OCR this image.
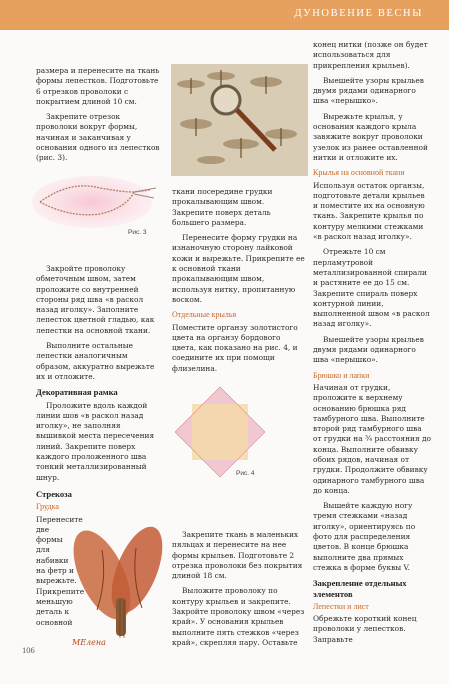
ДУНОВЕНИЕ ВЕСНЫ

размера и перенесите на ткань формы лепестков. Подготовьте 6 отрезков проволоки с покрытием длиной 10 см.

Закрепите отрезок проволоки вокруг формы, начиная и заканчивая у основания одного из лепестков (рис. 3).

Рис. 3

Закройте проволоку обметочным швом, затем проложите со внутренней стороны ряд шва «в раскол назад иголку». Заполните лепесток цветной гладью, как лепестки на основной ткани.

Выполните остальные лепестки аналогичным образом, аккуратно вырежьте их и отложите.

Декоративная рамка

Проложите вдоль каждой линии шов «в раскол назад иголку», не заполняя вышивкой места пересечения линий. Закрепите поверх каждого проложенного шва тонкий металлизированный шнур.

Стрекоза
Грудка

Перенесите две формы для набивки на фетр и вырежьте. Прикрепите меньшую деталь к основной

106
МЕлена

ткани посередине грудки прокалывающим швом. Закрепите поверх деталь большего размера.

Перенесите форму грудки на изнаночную сторону лайковой кожи и вырежьте. Прикрепите ее к основной ткани прокалывающим швом, используя нитку, пропитанную воском.

Отдельные крылья

Поместите органзу золотистого цвета на органзу бордового цвета, как показано на рис. 4, и соедините их при помощи флизелина.

Рис. 4

Закрепите ткань в маленьких пяльцах и перенесите на нее формы крыльев. Подготовьте 2 отрезка проволоки без покрытия длиной 18 см.

Выложите проволоку по контуру крыльев и закрепите. Закройте проволоку швом «через край». У основания крыльев выполните пять стежков «через край», скрепляя пару. Оставьте

конец нитки (позже он будет использоваться для прикрепления крыльев).

Выешейте узоры крыльев двумя рядами одинарного шва «перышко».

Вырежьте крылья, у основания каждого крыла завяжите вокруг проволоки узелок из ранее оставленной нитки и отложите их.

Крылья на основной ткани

Используя остаток органзы, подготовьте детали крыльев и поместите их на основную ткань. Закрепите крылья по контуру мелкими стежками «в раскол назад иголку».

Отрежьте 10 см перламутровой металлизированной спирали и растяните ее до 15 см. Закрепите спираль поверх контурной линии, выполненной швом «в раскол назад иголку».

Выешейте узоры крыльев двумя рядами одинарного шва «перышко».

Брюшко и лапки

Начиная от грудки, проложите к верхнему основанию брюшка ряд тамбурного шва. Выполните второй ряд тамбурного шва от грудки на ¾ расстояния до конца. Выполните обвивку обоих рядов, начиная от грудки. Продолжите обвивку одинарного тамбурного шва до конца.

Вышейте каждую ногу тремя стежками «назад иголку», ориентируясь по фото для распределения цветов. В конце брюшка выполните два прямых стежка в форме буквы V.

Закрепление отдельных элементов
Лепестки и лист

Обрежьте короткий конец проволоки у лепестков. Заправьте
